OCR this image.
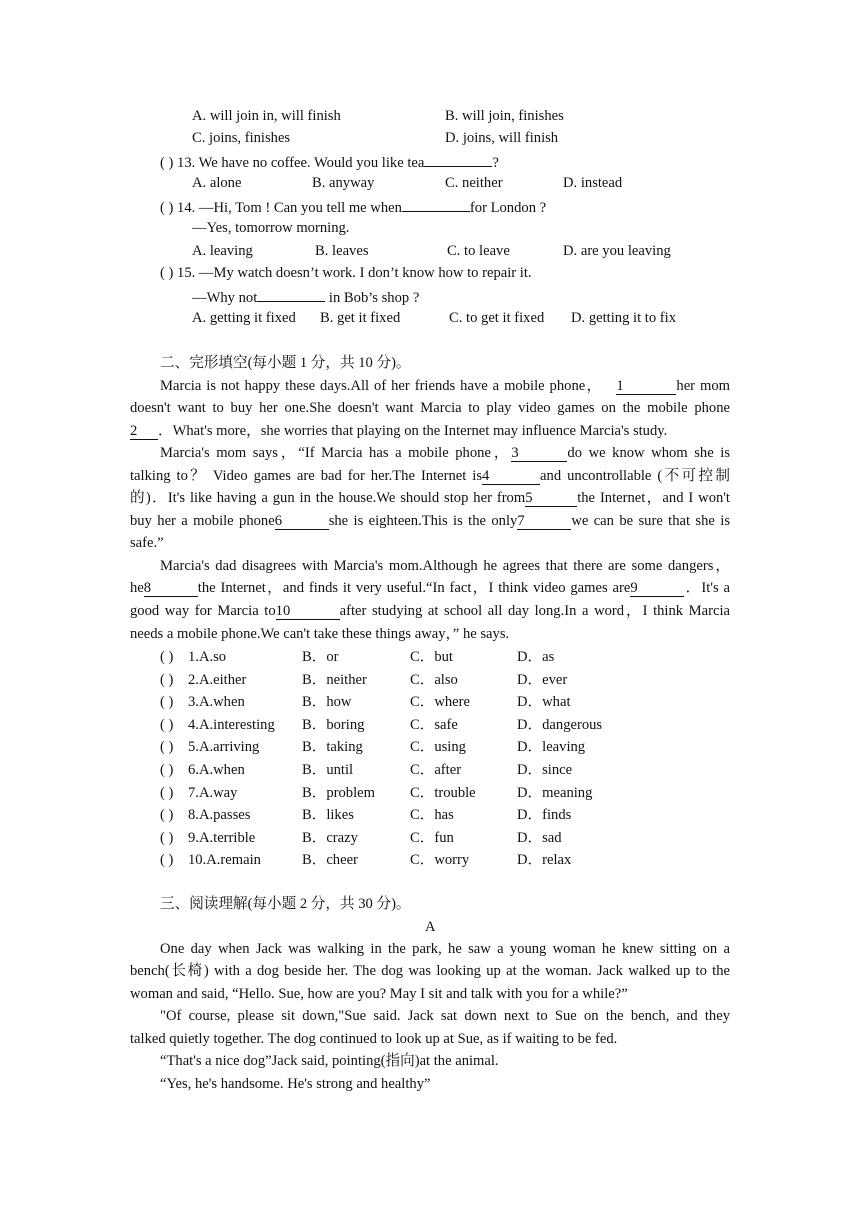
A. will join in, will finish	B. will join, finishes
C. joins, finishes	D. joins, will finish
( ) 13. We have no coffee. Would you like tea	?
A. alone	B. anyway	C. neither	D. instead
( ) 14. —Hi, Tom ! Can you tell me when	for London ?
—Yes, tomorrow morning.
A. leaving	B. leaves	C. to leave	D. are you leaving
( ) 15. —My watch doesn’t work. I don’t know how to repair it.
—Why not	in Bob’s shop ?
A. getting it fixed B. get it fixed	C. to get it fixed D. getting it to fix
二、完形填空(每小题 1 分，共 10 分)。
Marcia is not happy these days.All of her friends have a mobile phone， 1	her mom
doesn't want to buy her one.She doesn't want Marcia to play video games on the mobile phone
2 ．What's more，she worries that playing on the Internet may influence Marcia's study.
Marcia's mom says，“If Marcia has a mobile phone，3	do we know whom she is
talking to？ Video games are bad for her.The Internet is4	and uncontrollable (不可控制
的)．It's like having a gun in the house.We should stop her from5	the Internet，and I won't
buy her a mobile phone6	she is eighteen.This is the only7	we can be sure that she is
safe.”
Marcia's dad disagrees with Marcia's mom.Although he agrees that there are some dangers，
he8	the Internet，and finds it very useful.“In fact，I think video games are9	．It's a
good way for Marcia to10	after studying at school all day long.In a word，I think Marcia
needs a mobile phone.We can't take these things away，” he says.
( ) 1.A.so	B．or	C．but	D．as
( ) 2.A.either	B．neither	C．also	D．ever
( ) 3.A.when	B．how	C．where	D．what
( ) 4.A.interesting B．boring	C．safe	D．dangerous
( ) 5.A.arriving	B．taking	C．using	D．leaving
( ) 6.A.when	B．until	C．after	D．since
( ) 7.A.way	B．problem C．trouble	D．meaning
( ) 8.A.passes	B．likes	C．has	D．finds
( ) 9.A.terrible	B．crazy	C．fun	D．sad
( ) 10.A.remain	B．cheer	C．worry	D．relax
三、阅读理解(每小题 2 分，共 30 分)。
A
One day when Jack was walking in the park, he saw a young woman he knew sitting on a
bench(长椅) with a dog beside her. The dog was looking up at the woman. Jack walked up to the
woman and said, “Hello. Sue, how are you? May I sit and talk with you for a while?”
"Of course, please sit down,"Sue said. Jack sat down next to Sue on the bench, and they
talked quietly together. The dog continued to look up at Sue, as if waiting to be fed.
“That's a nice dog”Jack said, pointing(指向)at the animal.
“Yes, he's handsome. He's strong and healthy”
